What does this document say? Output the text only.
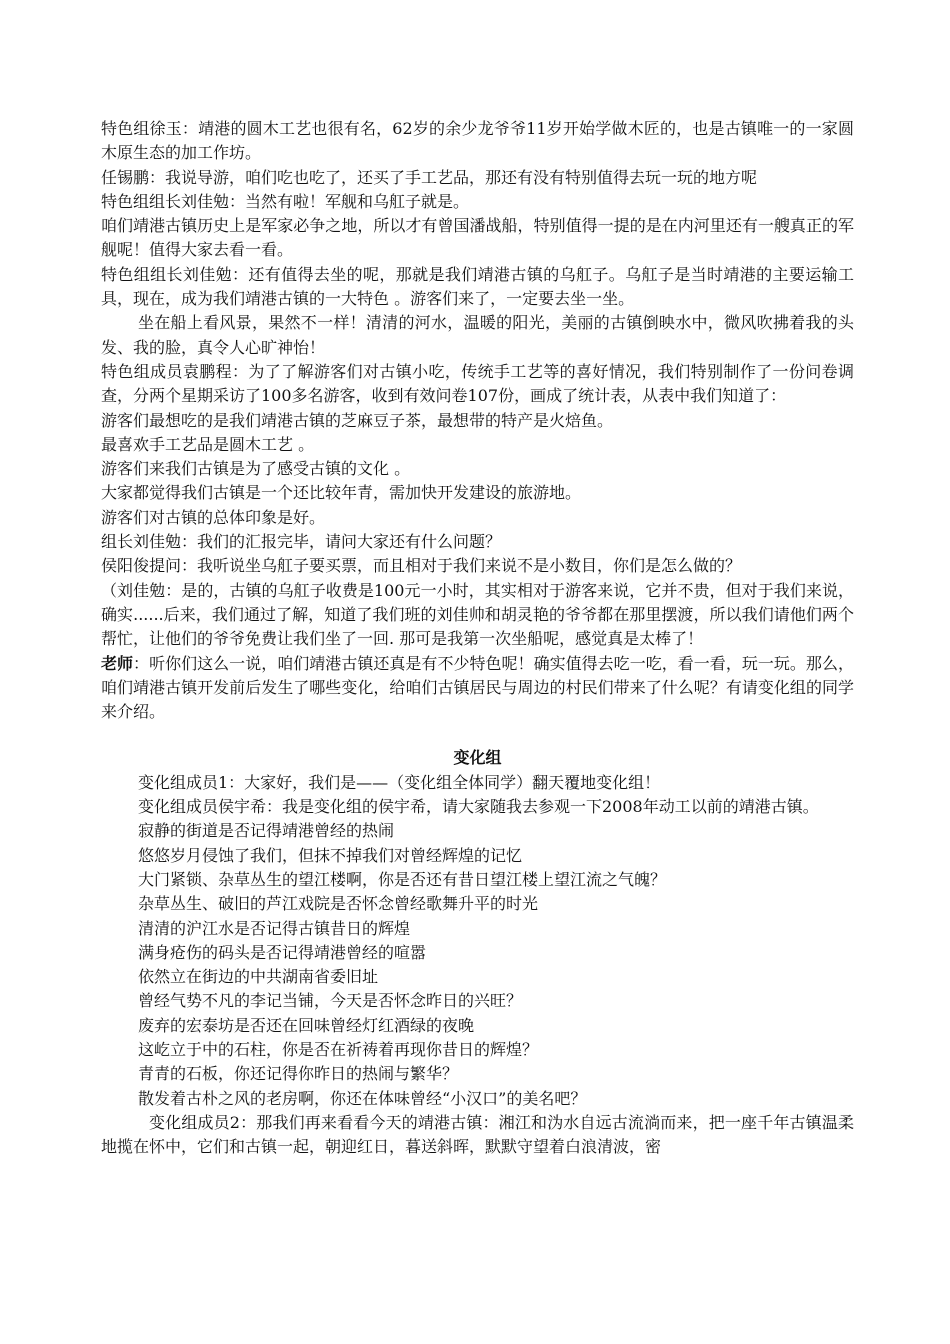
特色组徐玉：靖港的圆木工艺也很有名，62岁的余少龙爷爷11岁开始学做木匠的，也是古镇唯一的一家圆木原生态的加工作坊。

任锡鹏：我说导游，咱们吃也吃了，还买了手工艺品，那还有没有特别值得去玩一玩的地方呢

特色组组长刘佳勉：当然有啦！军舰和乌舡子就是。

咱们靖港古镇历史上是军家必争之地，所以才有曾国潘战船，特别值得一提的是在内河里还有一艘真正的军舰呢！值得大家去看一看。

特色组组长刘佳勉：还有值得去坐的呢，那就是我们靖港古镇的乌舡子。乌舡子是当时靖港的主要运输工具，现在，成为我们靖港古镇的一大特色 。游客们来了，一定要去坐一坐。

坐在船上看风景，果然不一样！清清的河水，温暖的阳光，美丽的古镇倒映水中，微风吹拂着我的头发、我的脸，真令人心旷神怡！

特色组成员袁鹏程：为了了解游客们对古镇小吃，传统手工艺等的喜好情况，我们特别制作了一份问卷调查，分两个星期采访了100多名游客，收到有效问卷107份，画成了统计表，从表中我们知道了：

游客们最想吃的是我们靖港古镇的芝麻豆子茶，最想带的特产是火焙鱼。

最喜欢手工艺品是圆木工艺 。

游客们来我们古镇是为了感受古镇的文化 。

大家都觉得我们古镇是一个还比较年青，需加快开发建设的旅游地。

游客们对古镇的总体印象是好。

组长刘佳勉：我们的汇报完毕，请问大家还有什么问题？

侯阳俊提问：我听说坐乌舡子要买票，而且相对于我们来说不是小数目，你们是怎么做的？

（刘佳勉：是的，古镇的乌舡子收费是100元一小时，其实相对于游客来说，它并不贵，但对于我们来说，确实......后来，我们通过了解，知道了我们班的刘佳帅和胡灵艳的爷爷都在那里摆渡，所以我们请他们两个帮忙，让他们的爷爷免费让我们坐了一回. 那可是我第一次坐船呢，感觉真是太棒了！

老师：听你们这么一说，咱们靖港古镇还真是有不少特色呢！确实值得去吃一吃，看一看，玩一玩。那么，咱们靖港古镇开发前后发生了哪些变化，给咱们古镇居民与周边的村民们带来了什么呢？有请变化组的同学来介绍。

变化组

变化组成员1：大家好，我们是——（变化组全体同学）翻天覆地变化组！

变化组成员侯宇希：我是变化组的侯宇希，请大家随我去参观一下2008年动工以前的靖港古镇。

寂静的街道是否记得靖港曾经的热闹

悠悠岁月侵蚀了我们，但抹不掉我们对曾经辉煌的记忆

大门紧锁、杂草丛生的望江楼啊，你是否还有昔日望江楼上望江流之气魄？

杂草丛生、破旧的芦江戏院是否怀念曾经歌舞升平的时光

清清的沪江水是否记得古镇昔日的辉煌

满身疮伤的码头是否记得靖港曾经的喧嚣

依然立在街边的中共湖南省委旧址

曾经气势不凡的李记当铺，今天是否怀念昨日的兴旺？

废弃的宏泰坊是否还在回味曾经灯红酒绿的夜晚

这屹立于中的石柱，你是否在祈祷着再现你昔日的辉煌？

青青的石板，你还记得你昨日的热闹与繁华？

散发着古朴之风的老房啊，你还在体味曾经“小汉口”的美名吧？

变化组成员2：那我们再来看看今天的靖港古镇：湘江和沩水自远古流淌而来，把一座千年古镇温柔地揽在怀中，它们和古镇一起，朝迎红日，暮送斜晖，默默守望着白浪清波，密
